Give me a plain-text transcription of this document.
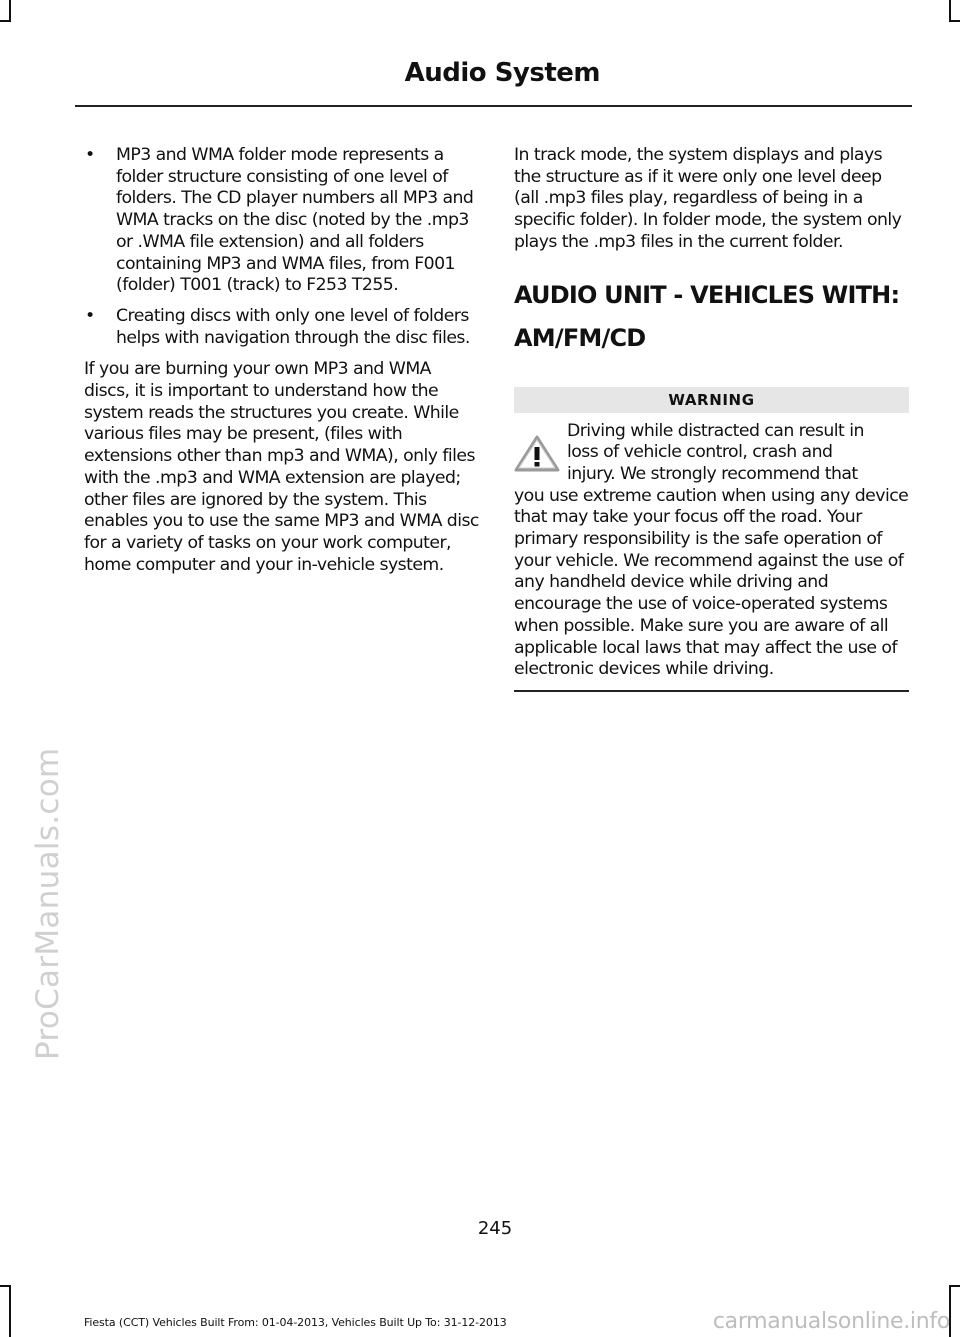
ProCarManuals.com
Audio System
• MP3 and WMA folder mode represents a folder structure consisting of one level of folders. The CD player numbers all MP3 and WMA tracks on the disc (noted by the .mp3 or .WMA file extension) and all folders containing MP3 and WMA files, from F001 (folder) T001 (track) to F253 T255.
• Creating discs with only one level of folders helps with navigation through the disc files.

If you are burning your own MP3 and WMA discs, it is important to understand how the system reads the structures you create. While various files may be present, (files with extensions other than mp3 and WMA), only files with the .mp3 and WMA extension are played; other files are ignored by the system. This enables you to use the same MP3 and WMA disc for a variety of tasks on your work computer, home computer and your in-vehicle system.

In track mode, the system displays and plays the structure as if it were only one level deep (all .mp3 files play, regardless of being in a specific folder). In folder mode, the system only plays the .mp3 files in the current folder.

AUDIO UNIT - VEHICLES WITH:

AM/FM/CD

WARNING
Driving while distracted can result in
loss of vehicle control, crash and
injury. We strongly recommend that
you use extreme caution when using any device that may take your focus off the road. Your primary responsibility is the safe operation of your vehicle. We recommend against the use of any handheld device while driving and encourage the use of voice-operated systems when possible. Make sure you are aware of all applicable local laws that may affect the use of electronic devices while driving.
245
Fiesta (CCT) Vehicles Built From: 01-04-2013, Vehicles Built Up To: 31-12-2013	carmanualsonline.info
